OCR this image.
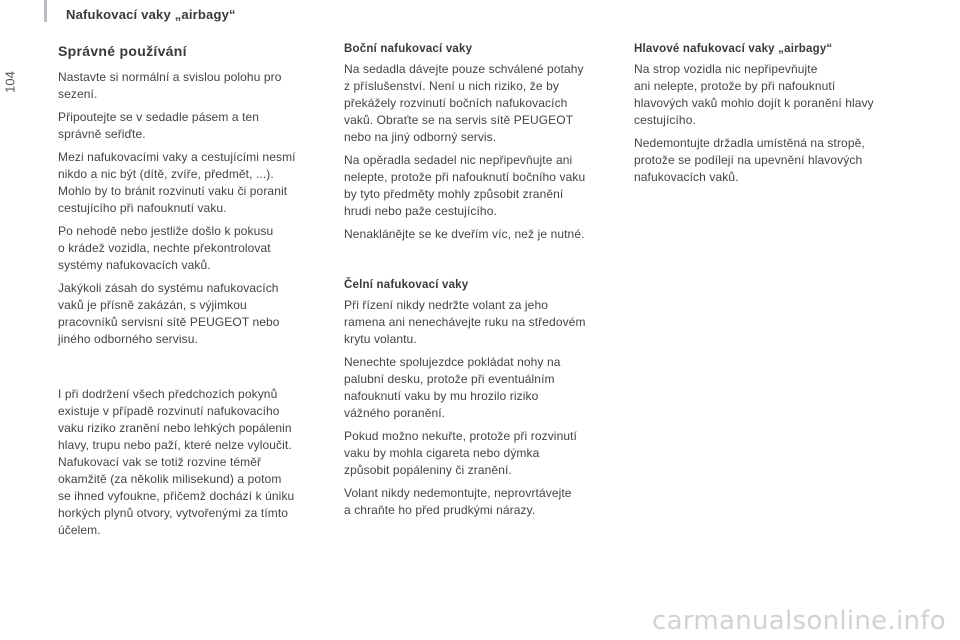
Nafukovací vaky „airbagy“
104
Správné používání

Nastavte si normální a svislou polohu pro
sezení.

Připoutejte se v sedadle pásem a ten
správně seřiďte.

Mezi nafukovacími vaky a cestujícími nesmí
nikdo a nic být (dítě, zvíře, předmět, ...).
Mohlo by to bránit rozvinutí vaku či poranit
cestujícího při nafouknutí vaku.

Po nehodě nebo jestliže došlo k pokusu
o krádež vozidla, nechte překontrolovat
systémy nafukovacích vaků.

Jakýkoli zásah do systému nafukovacích
vaků je přísně zakázán, s výjimkou
pracovníků servisní sítě PEUGEOT nebo
jiného odborného servisu.

I při dodržení všech předchozích pokynů
existuje v případě rozvinutí nafukovacího
vaku riziko zranění nebo lehkých popálenin
hlavy, trupu nebo paží, které nelze vyloučit.
Nafukovací vak se totiž rozvine téměř
okamžitě (za několik milisekund) a potom
se ihned vyfoukne, přičemž dochází k úniku
horkých plynů otvory, vytvořenými za tímto
účelem.

Boční nafukovací vaky

Na sedadla dávejte pouze schválené potahy
z příslušenství. Není u nich riziko, že by
překážely rozvinutí bočních nafukovacích
vaků. Obraťte se na servis sítě PEUGEOT
nebo na jiný odborný servis.

Na opěradla sedadel nic nepřipevňujte ani
nelepte, protože při nafouknutí bočního vaku
by tyto předměty mohly způsobit zranění
hrudi nebo paže cestujícího.

Nenaklánějte se ke dveřím víc, než je nutné.

Čelní nafukovací vaky

Při řízení nikdy nedržte volant za jeho
ramena ani nenechávejte ruku na středovém
krytu volantu.

Nenechte spolujezdce pokládat nohy na
palubní desku, protože při eventuálním
nafouknutí vaku by mu hrozilo riziko
vážného poranění.

Pokud možno nekuřte, protože při rozvinutí
vaku by mohla cigareta nebo dýmka
způsobit popáleniny či zranění.

Volant nikdy nedemontujte, neprovrtávejte
a chraňte ho před prudkými nárazy.

Hlavové nafukovací vaky „airbagy“

Na strop vozidla nic nepřipevňujte
ani nelepte, protože by při nafouknutí
hlavových vaků mohlo dojít k poranění hlavy
cestujícího.

Nedemontujte držadla umístěná na stropě,
protože se podílejí na upevnění hlavových
nafukovacích vaků.

carmanualsonline.info
